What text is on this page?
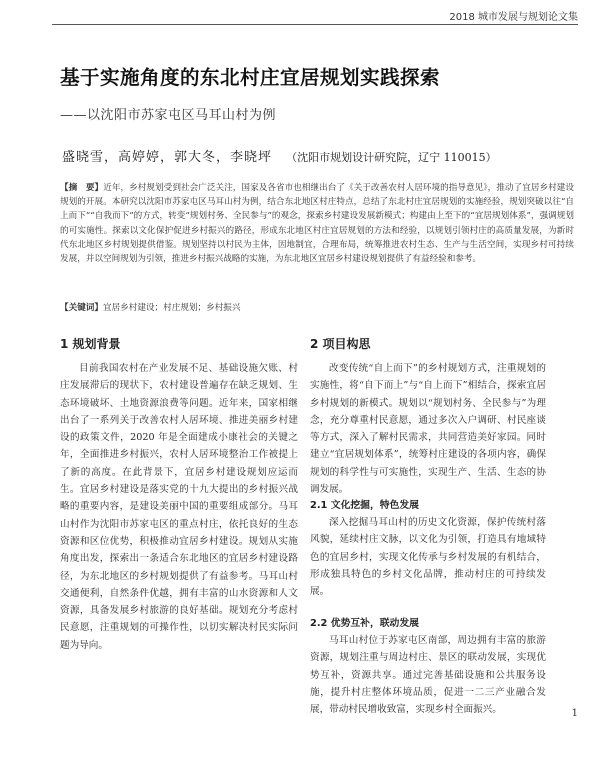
2018 城市发展与规划论文集
基于实施角度的东北村庄宜居规划实践探索
——以沈阳市苏家屯区马耳山村为例
盛晓雪，高婷婷，郭大冬，李晓坪 （沈阳市规划设计研究院，辽宁 110015）
【摘　要】近年，乡村规划受到社会广泛关注，国家及各省市也相继出台了《关于改善农村人居环境的指导意见》，推动了宜居乡村建设规划的开展。本研究以沈阳市苏家屯区马耳山村为例，结合东北地区村庄特点，总结了东北村庄宜居规划的实施经验，规划突破以往“自上而下”“自我而下”的方式，转变“规划村务、全民参与”的观念，探索乡村建设发展新模式；构建由上至下的“宜居规划体系”，强调规划的可实施性。探索以文化保护促进乡村振兴的路径，形成东北地区村庄宜居规划的方法和经验，以规划引领村庄的高质量发展，为新时代东北地区乡村规划提供借鉴。规划坚持以村民为主体，因地制宜，合理布局，统筹推进农村生态、生产与生活空间，实现乡村可持续发展，并以空间规划为引领，推进乡村振兴战略的实施，为东北地区宜居乡村建设规划提供了有益经验和参考。
【关键词】宜居乡村建设；村庄规划；乡村振兴
1 规划背景

目前我国农村在产业发展不足、基础设施欠账、村庄发展滞后的现状下，农村建设普遍存在缺乏规划、生态环境破坏、土地资源浪费等问题。近年来，国家相继出台了一系列关于改善农村人居环境、推进美丽乡村建设的政策文件，2020 年是全面建成小康社会的关键之年，全面推进乡村振兴，农村人居环境整治工作被提上了新的高度。在此背景下，宜居乡村建设规划应运而生。宜居乡村建设是落实党的十九大提出的乡村振兴战略的重要内容，是建设美丽中国的重要组成部分。马耳山村作为沈阳市苏家屯区的重点村庄，依托良好的生态资源和区位优势，积极推动宜居乡村建设。规划从实施角度出发，探索出一条适合东北地区的宜居乡村建设路径，为东北地区的乡村规划提供了有益参考。马耳山村交通便利，自然条件优越，拥有丰富的山水资源和人文资源，具备发展乡村旅游的良好基础。规划充分考虑村民意愿，注重规划的可操作性，以切实解决村民实际问题为导向。

2 项目构思

改变传统“自上而下”的乡村规划方式，注重规划的实施性，将“自下而上”与“自上而下”相结合，探索宜居乡村规划的新模式。规划以“规划村务、全民参与”为理念，充分尊重村民意愿，通过多次入户调研、村民座谈等方式，深入了解村民需求，共同营造美好家园。同时建立“宜居规划体系”，统筹村庄建设的各项内容，确保规划的科学性与可实施性，实现生产、生活、生态的协调发展。

2.1 文化挖掘，特色发展

深入挖掘马耳山村的历史文化资源，保护传统村落风貌，延续村庄文脉，以文化为引领，打造具有地域特色的宜居乡村，实现文化传承与乡村发展的有机结合，形成独具特色的乡村文化品牌，推动村庄的可持续发展。

2.2 优势互补，联动发展

马耳山村位于苏家屯区南部，周边拥有丰富的旅游资源，规划注重与周边村庄、景区的联动发展，实现优势互补，资源共享。通过完善基础设施和公共服务设施，提升村庄整体环境品质，促进一二三产业融合发展，带动村民增收致富，实现乡村全面振兴。	1
